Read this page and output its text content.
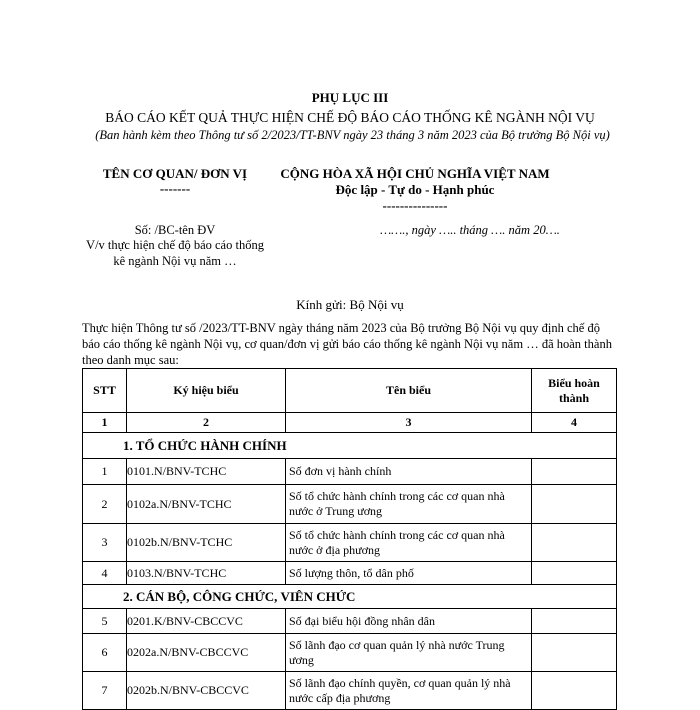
PHỤ LỤC III
BÁO CÁO KẾT QUẢ THỰC HIỆN CHẾ ĐỘ BÁO CÁO THỐNG KÊ NGÀNH NỘI VỤ
(Ban hành kèm theo Thông tư số 2/2023/TT-BNV ngày 23 tháng 3 năm 2023 của Bộ trưởng Bộ Nội vụ)
TÊN CƠ QUAN/ ĐƠN VỊ
-------
CỘNG HÒA XÃ HỘI CHỦ NGHĨA VIỆT NAM
Độc lập - Tự do - Hạnh phúc
---------------
Số: /BC-tên ĐV
V/v thực hiện chế độ báo cáo thống kê ngành Nội vụ năm …
……., ngày ….. tháng …. năm 20….
Kính gửi: Bộ Nội vụ
Thực hiện Thông tư số /2023/TT-BNV ngày tháng năm 2023 của Bộ trưởng Bộ Nội vụ quy định chế độ báo cáo thống kê ngành Nội vụ, cơ quan/đơn vị gửi báo cáo thống kê ngành Nội vụ năm … đã hoàn thành theo danh mục sau:
STT	Ký hiệu biểu	Tên biểu	Biểu hoàn thành
1	2	3	4
1. TỔ CHỨC HÀNH CHÍNH			
1	0101.N/BNV-TCHC	Số đơn vị hành chính	
2	0102a.N/BNV-TCHC	Số tổ chức hành chính trong các cơ quan nhà nước ở Trung ương	
3	0102b.N/BNV-TCHC	Số tổ chức hành chính trong các cơ quan nhà nước ở địa phương	
4	0103.N/BNV-TCHC	Số lượng thôn, tổ dân phố	
2. CÁN BỘ, CÔNG CHỨC, VIÊN CHỨC			
5	0201.K/BNV-CBCCVC	Số đại biểu hội đồng nhân dân	
6	0202a.N/BNV-CBCCVC	Số lãnh đạo cơ quan quản lý nhà nước Trung ương	
7	0202b.N/BNV-CBCCVC	Số lãnh đạo chính quyền, cơ quan quản lý nhà nước cấp địa phương	
